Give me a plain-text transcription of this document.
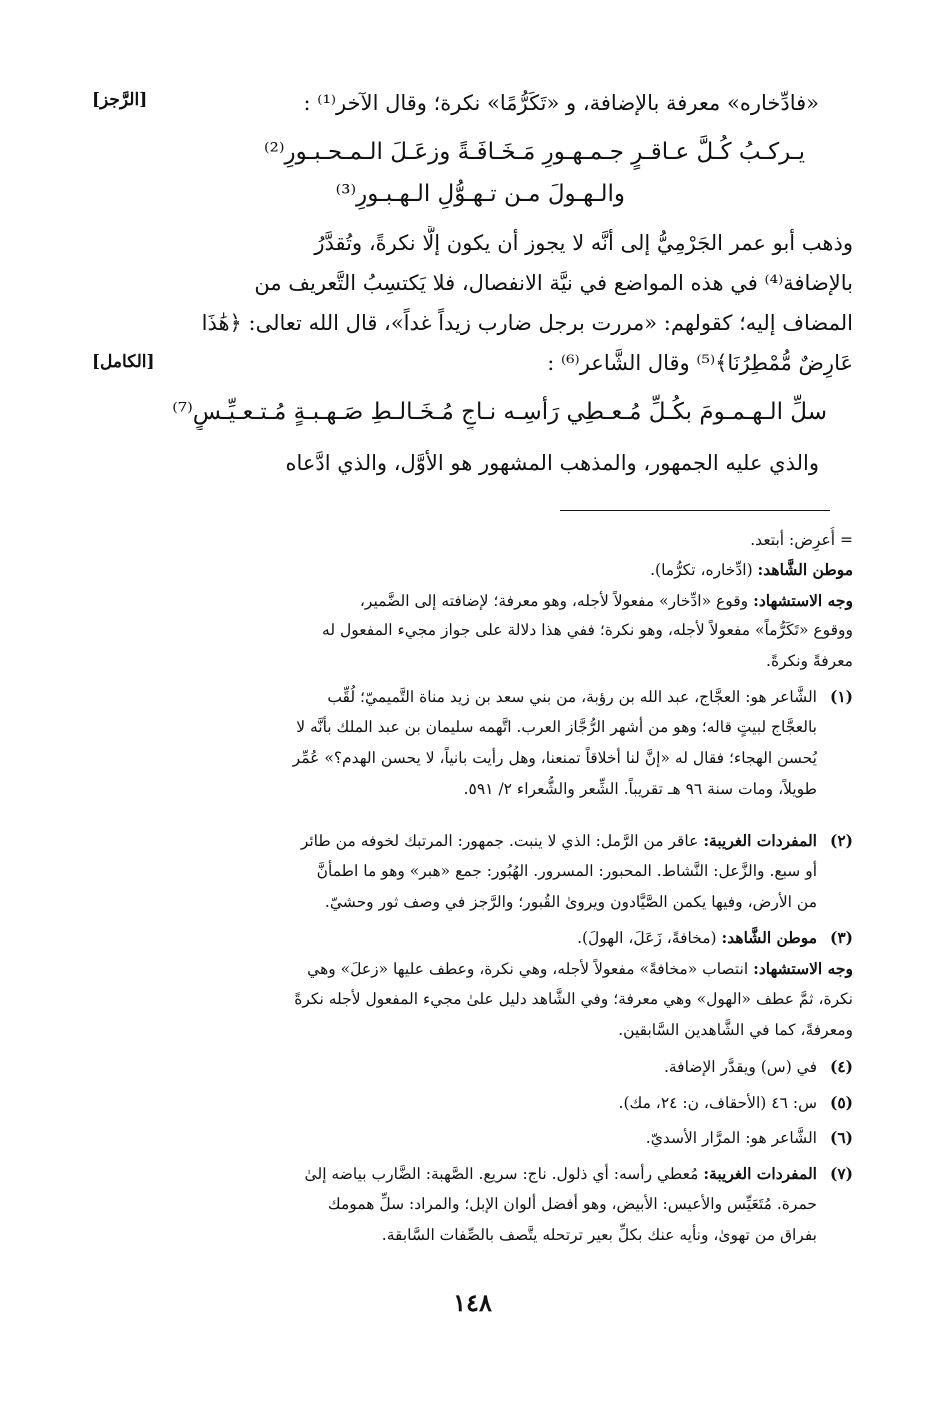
«فادِّخاره» معرفة بالإضافة، و «تَكَرُّمًا» نكرة؛ وقال الآخر⁽¹⁾ :
[الرَّجز]
يـركـبُ كُـلَّ عـاقـرٍ جـمـهـورِ مَـخَـافَـةً وزعَـلَ الـمـحـبـورِ⁽²⁾
والـهـولَ مـن تـهـوُّلِ الـهـبـورِ⁽³⁾
وذهب أبو عمر الجَرْمِيُّ إلى أنَّه لا يجوز أن يكون إلَّا نكرةً، وتُقدَّرُ
بالإضافة⁽⁴⁾ في هذه المواضع في نيَّة الانفصال، فلا يَكتسِبُ التَّعريف من
المضاف إليه؛ كقولهم: «مررت برجل ضارب زيداً غداً»، قال الله تعالى: ﴿هَٰذَا
عَارِضٌ مُّمْطِرُنَا﴾⁽⁵⁾ وقال الشَّاعر⁽⁶⁾ :
[الكامل]
سلِّ الـهـمـومَ بكُـلِّ مُـعـطِي رَأسِـه نـاجٍ مُـخَـالـطِ صَـهـبـةٍ مُـتـعـيِّـسٍ⁽⁷⁾
والذي عليه الجمهور، والمذهب المشهور هو الأوَّل، والذي ادَّعاه
= أُعرِض: أبتعد.
موطن الشَّاهد: (ادِّخاره، تكرُّما).
وجه الاستشهاد: وقوع «ادِّخار» مفعولاً لأجله، وهو معرفة؛ لإضافته إلى الضَّمير،
ووقوع «تَكَرُّماً» مفعولاً لأجله، وهو نكرة؛ ففي هذا دلالة على جواز مجيء المفعول له
معرفةً ونكرةً.
(١)الشَّاعر هو: العجَّاج، عبد الله بن رؤبة، من بني سعد بن زيد مناة التَّميميّ؛ لُقِّب
بالعجَّاج لبيتٍ قاله؛ وهو من أشهر الرُّجَّاز العرب. اتَّهمه سليمان بن عبد الملك بأنَّه لا
يُحسن الهجاء؛ فقال له «إنَّ لنا أخلاقاً تمنعنا، وهل رأيت بانياً، لا يحسن الهدم؟» عُمِّر
طويلاً، ومات سنة ٩٦ هـ تقريباً. الشِّعر والشُّعراء ٢/ ٥٩١.
(٢)المفردات الغريبة: عاقر من الرَّمل: الذي لا ينبت. جمهور: المرتبك لخوفه من طائر
أو سبع. والزَّعل: النَّشاط. المحبور: المسرور. الهُبُور: جمع «هبر» وهو ما اطمأنَّ
من الأرض، وفيها يكمن الصَّيَّادون ويروىٰ القُبور؛ والرَّجز في وصف ثور وحشيّ.
(٣)موطن الشَّاهد: (مخافةً، زَعَلَ، الهولَ).
وجه الاستشهاد: انتصاب «مخافةً» مفعولاً لأجله، وهي نكرة، وعطف عليها «زعلَ» وهي
نكرة، ثمَّ عطف «الهول» وهي معرفة؛ وفي الشَّاهد دليل علىٰ مجيء المفعول لأجله نكرةً
ومعرفةً، كما في الشَّاهدين السَّابقين.
(٤)في (س) ويقدَّر الإضافة.
(٥)س: ٤٦ (الأحقاف، ن: ٢٤، مك).
(٦)الشَّاعر هو: المرَّار الأسديّ.
(٧)المفردات الغريبة: مُعطي رأسه: أي ذلول. ناج: سريع. الصَّهبة: الضَّارب بياضه إلىٰ
حمرة. مُتَعَيِّس والأعيس: الأبيض، وهو أفضل ألوان الإبل؛ والمراد: سلِّ همومك
بفراق من تهوىٰ، ونأيه عنك بكلِّ بعير ترتحله يتَّصف بالصِّفات السَّابقة.
١٤٨
